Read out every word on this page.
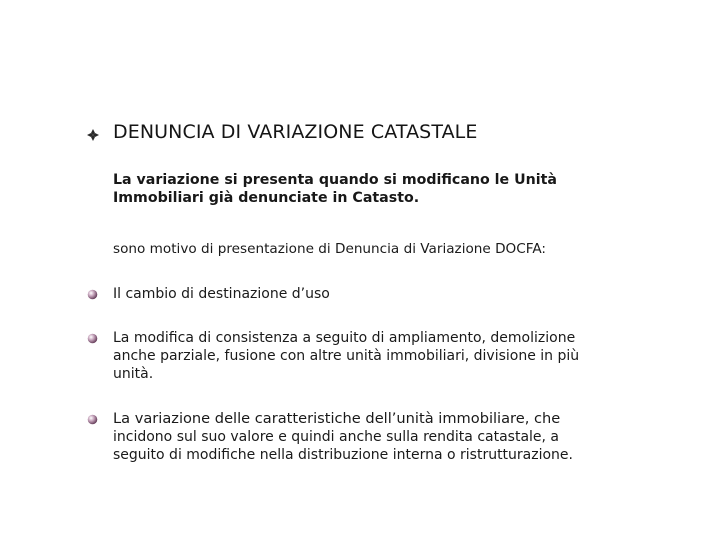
DENUNCIA DI VARIAZIONE CATASTALE
La variazione si presenta quando si modificano le Unità
Immobiliari già denunciate in Catasto.
sono motivo di presentazione di Denuncia di Variazione DOCFA:
Il cambio di destinazione d’uso
La modifica di consistenza a seguito di ampliamento, demolizione
anche parziale, fusione con altre unità immobiliari, divisione in più
unità.
La variazione delle caratteristiche dell’unità immobiliare, che
incidono sul suo valore e quindi anche sulla rendita catastale, a
seguito di modifiche nella distribuzione interna o ristrutturazione.
